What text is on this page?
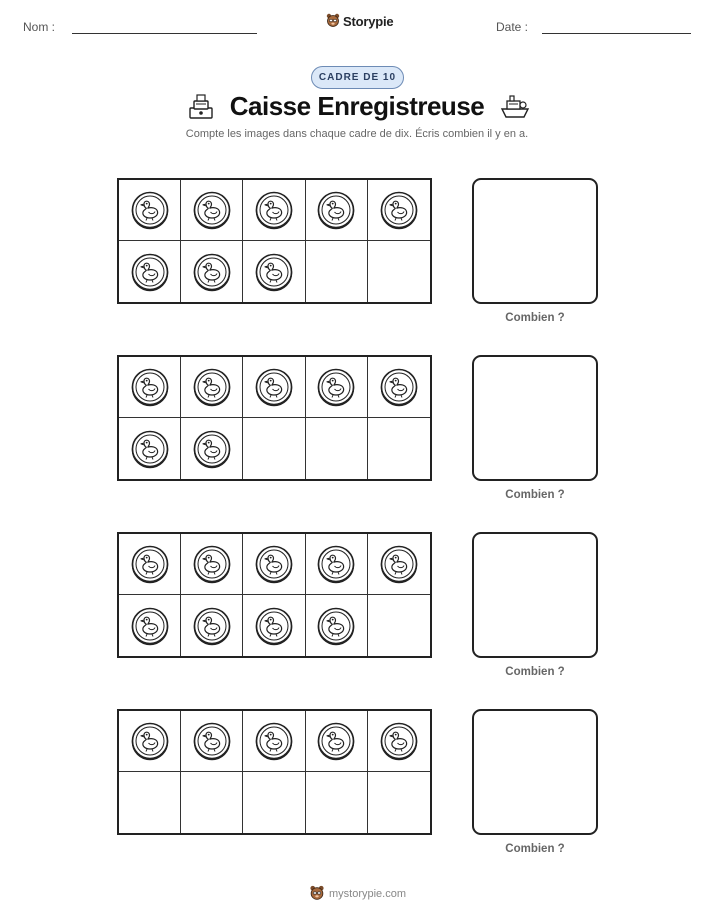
Nom :	Storypie	Date :
CADRE DE 10
Caisse Enregistreuse
Compte les images dans chaque cadre de dix. Écris combien il y en a.
Combien ?
Combien ?
Combien ?
Combien ?
mystorypie.com
